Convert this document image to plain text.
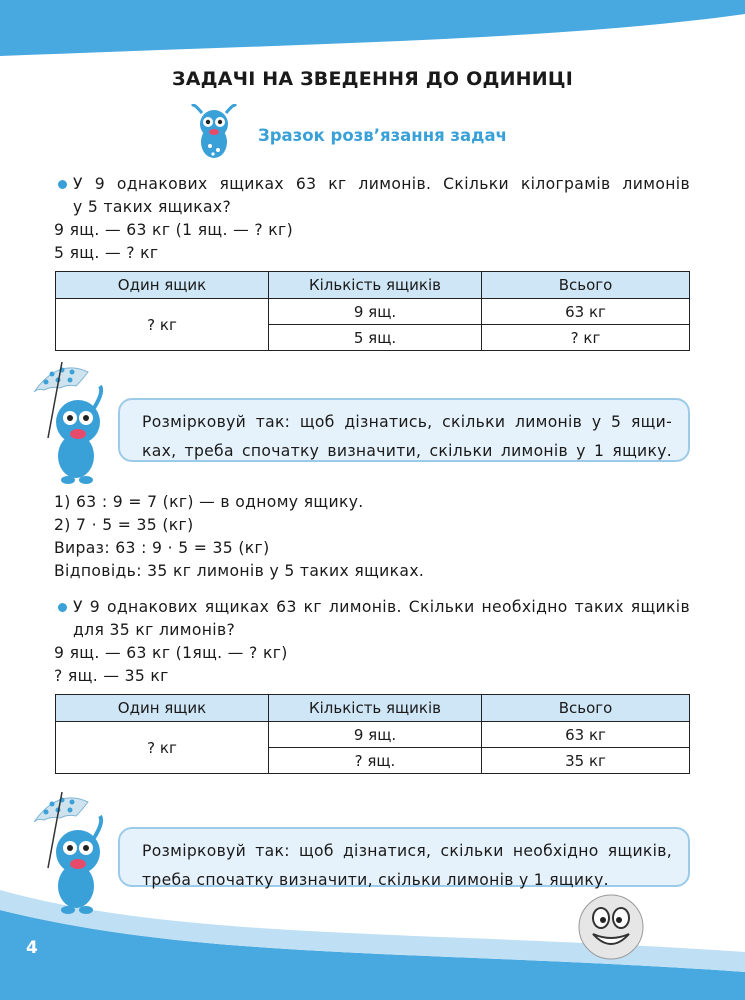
ЗАДАЧІ НА ЗВЕДЕННЯ ДО ОДИНИЦІ
Зразок розв’язання задач
У 9 однакових ящиках 63 кг лимонів. Скільки кілограмів лимонів
у 5 таких ящиках?
9 ящ. — 63 кг (1 ящ. — ? кг)
5 ящ. — ? кг
Один ящик	Кількість ящиків	Всього
? кг	9 ящ.	63 кг
	5 ящ.	? кг
Розмірковуй так: щоб дізнатись, скільки лимонів у 5 ящи-
ках, треба спочатку визначити, скільки лимонів у 1 ящику.
1) 63 : 9 = 7 (кг) — в одному ящику.
2) 7 · 5 = 35 (кг)
Вираз: 63 : 9 · 5 = 35 (кг)
Відповідь: 35 кг лимонів у 5 таких ящиках.
У 9 однакових ящиках 63 кг лимонів. Скільки необхідно таких ящиків
для 35 кг лимонів?
9 ящ. — 63 кг (1ящ. — ? кг)
? ящ. — 35 кг
Один ящик	Кількість ящиків	Всього
? кг	9 ящ.	63 кг
	? ящ.	35 кг
Розмірковуй так: щоб дізнатися, скільки необхідно ящиків,
треба спочатку визначити, скільки лимонів у 1 ящику.
4
